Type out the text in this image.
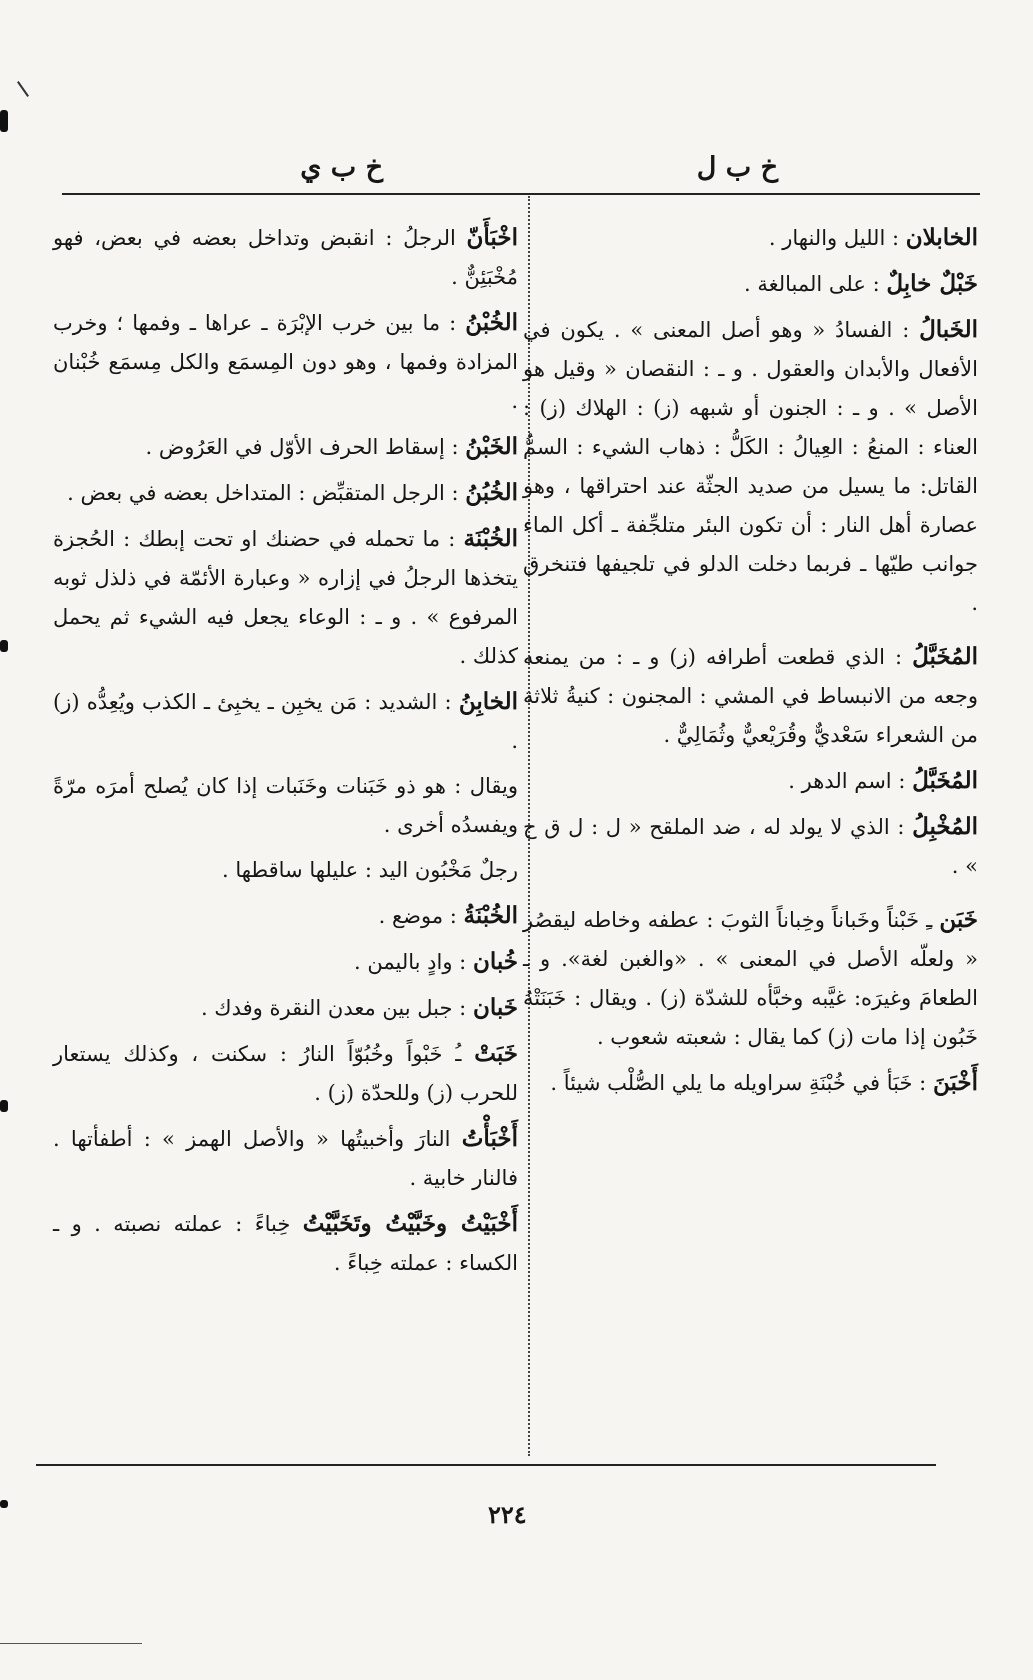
خ ب ل
خ ب ي

الخابلان : الليل والنهار .

خَبْلٌ خابِلٌ : على المبالغة .

الخَبالُ : الفسادُ « وهو أصل المعنى » . يكون في الأفعال والأبدان والعقول . و ـ : النقصان « وقيل هو الأصل » . و ـ : الجنون أو شبهه (ز) : الهلاك (ز) : العناء : المنعُ : العِيالُ : الكَلُّ : ذهاب الشيء : السمُّ القاتل: ما يسيل من صديد الجثّة عند احتراقها ، وهو عصارة أهل النار : أن تكون البئر متلجِّفة ـ أكل الماء جوانب طيّها ـ فربما دخلت الدلو في تلجيفها فتنخرق .

المُخَبَّلُ : الذي قطعت أطرافه (ز) و ـ : من يمنعه وجعه من الانبساط في المشي : المجنون : كنيةُ ثلاثة من الشعراء سَعْديٌّ وقُرَيْعيٌّ وثُمَالِيٌّ .

المُخَبَّلُ : اسم الدهر .

المُخْبِلُ : الذي لا يولد له ، ضد الملقح « ل : ل ق ح » .

خَبَن ـِ خَبْناً وخَباناً وخِباناً الثوبَ : عطفه وخاطه ليقصُر « ولعلّه الأصل في المعنى » . «والغبن لغة». و ـ الطعامَ وغيرَه: غيَّبه وخبَّأه للشدّة (ز) . ويقال : خَبَنَتْهُ خَبُون إذا مات (ز) كما يقال : شعبته شعوب .

أَخْبَنَ : خَبَأ في خُبْنَةِ سراويله ما يلي الصُّلْب شيئاً .

اخْبَأَنّ الرجلُ : انقبض وتداخل بعضه في بعض، فهو مُخْبَئِنٌّ .

الخُبْنُ : ما بين خرب الإبْرَة ـ عراها ـ وفمها ؛ وخرب المزادة وفمها ، وهو دون المِسمَع والكل مِسمَع خُبْنان .

الخَبْنُ : إسقاط الحرف الأوّل في العَرُوض .

الخُبُنُ : الرجل المتقبِّض : المتداخل بعضه في بعض .

الخُبْنَة : ما تحمله في حضنك او تحت إبطك : الحُجزة يتخذها الرجلُ في إزاره « وعبارة الأئمّة في ذلذل ثوبه المرفوع » . و ـ : الوعاء يجعل فيه الشيء ثم يحمل كذلك .

الخابِنُ : الشديد : مَن يخبِن ـ يخبِئ ـ الكذب ويُعِدُّه (ز) .

ويقال : هو ذو خَبَنات وخَنَبات إذا كان يُصلح أمرَه مرّةً ويفسدُه أخرى .

رجلٌ مَخْبُون اليد : عليلها ساقطها .

الخُبْنَةُ : موضع .

خُبان : وادٍ باليمن .

خَبان : جبل بين معدن النقرة وفدك .

خَبَتْ ـُ خَبْواً وخُبُوّاً النارُ : سكنت ، وكذلك يستعار للحرب (ز) وللحدّة (ز) .

أَخْبَأْتُ النارَ وأخبيتُها « والأصل الهمز » : أطفأتها . فالنار خابية .

أَخْبَيْتُ وخَبَّيْتُ وتَخَبَّيْتُ خِباءً : عملته نصبته . و ـ الكساء : عملته خِباءً .

٢٢٤
